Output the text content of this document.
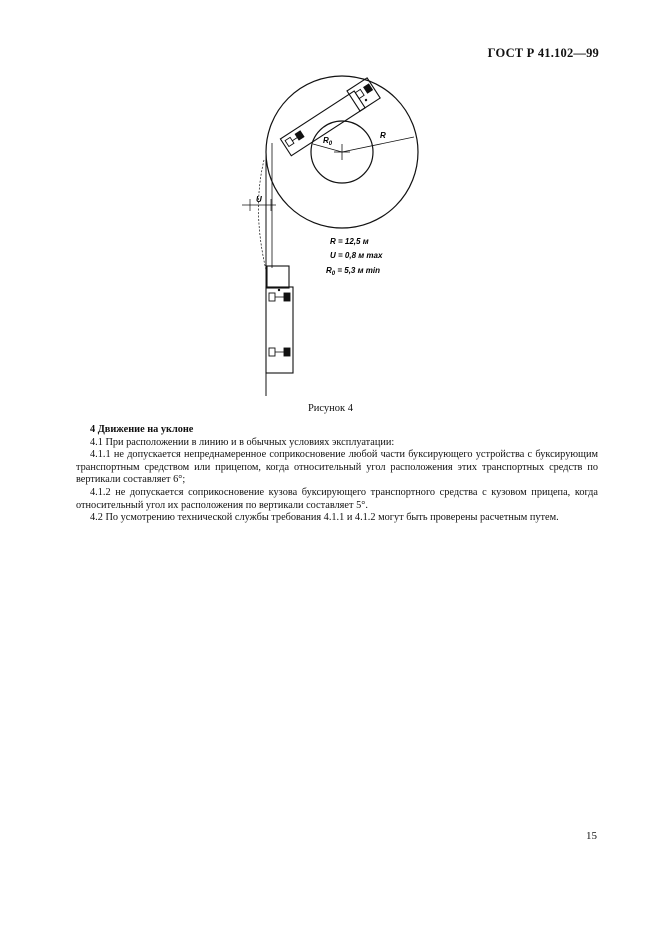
ГОСТ Р 41.102—99
$R_0$
R
U
R = 12,5 м
U = 0,8 м max
$R_0 = 5,3$ м min
Рисунок 4
4 Движение на уклоне

4.1 При расположении в линию и в обычных условиях эксплуатации:

4.1.1 не допускается непреднамеренное соприкосновение любой части буксирующего устройства с буксирующим транспортным средством или прицепом, когда относительный угол расположения этих транспортных средств по вертикали составляет 6°;

4.1.2 не допускается соприкосновение кузова буксирующего транспортного средства с кузовом прицепа, когда относительный угол их расположения по вертикали составляет 5°.

4.2 По усмотрению технической службы требования 4.1.1 и 4.1.2 могут быть проверены расчетным путем.

15
